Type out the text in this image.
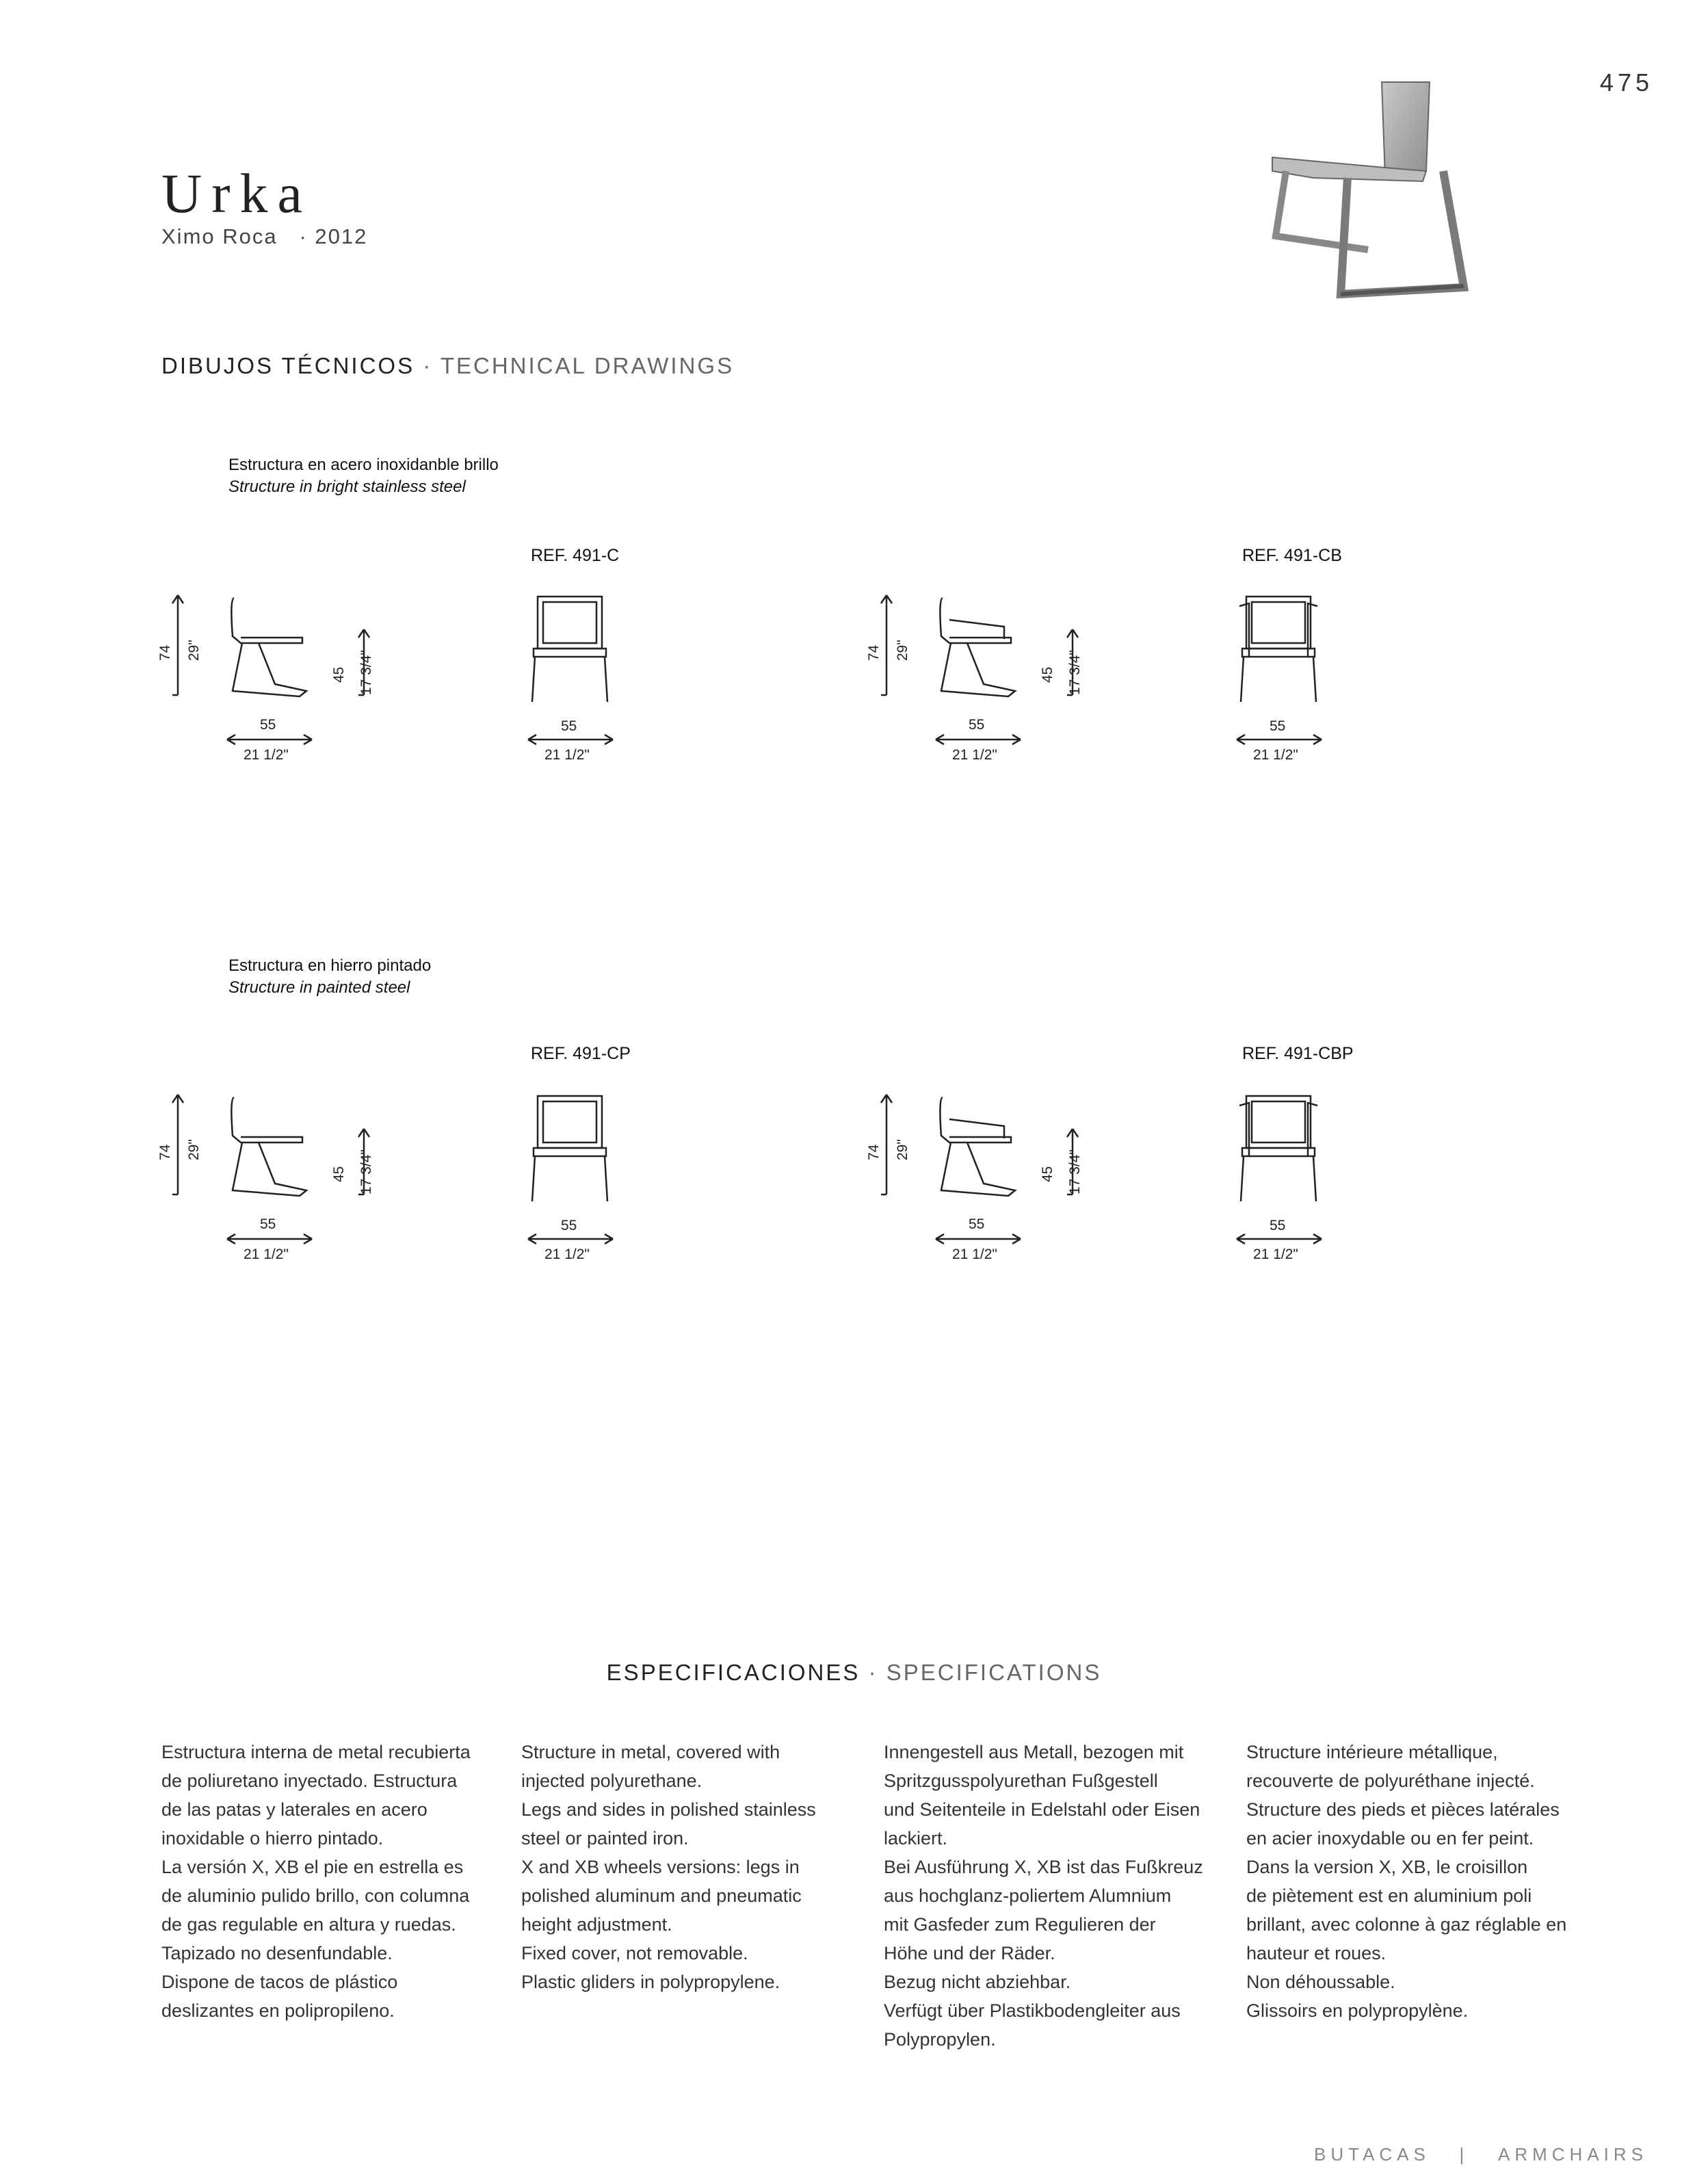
475
Urka
Ximo Roca · 2012
DIBUJOS TÉCNICOS · TECHNICAL DRAWINGS
Estructura en acero inoxidanble brillo
Structure in bright stainless steel
REF. 491-C	REF. 491-CB
Estructura en hierro pintado
Structure in painted steel
REF. 491-CP	REF. 491-CBP
74 29"
45 17 3/4"
55
21 1/2"
55
21 1/2"
74 29"
45 17 3/4"
55
21 1/2"
55
21 1/2"
74 29"
45 17 3/4"
55
21 1/2"
55
21 1/2"
74 29"
45 17 3/4"
55
21 1/2"
55
21 1/2"
ESPECIFICACIONES · SPECIFICATIONS
Estructura interna de metal recubierta
de poliuretano inyectado. Estructura
de las patas y laterales en acero
inoxidable o hierro pintado.
La versión X, XB el pie en estrella es
de aluminio pulido brillo, con columna
de gas regulable en altura y ruedas.
Tapizado no desenfundable.
Dispone de tacos de plástico
deslizantes en polipropileno.
Structure in metal, covered with
injected polyurethane.
Legs and sides in polished stainless
steel or painted iron.
X and XB wheels versions: legs in
polished aluminum and pneumatic
height adjustment.
Fixed cover, not removable.
Plastic gliders in polypropylene.
Innengestell aus Metall, bezogen mit
Spritzgusspolyurethan Fußgestell
und Seitenteile in Edelstahl oder Eisen
lackiert.
Bei Ausführung X, XB ist das Fußkreuz
aus hochglanz-poliertem Alumnium
mit Gasfeder zum Regulieren der
Höhe und der Räder.
Bezug nicht abziehbar.
Verfügt über Plastikbodengleiter aus
Polypropylen.
Structure intérieure métallique,
recouverte de polyuréthane injecté.
Structure des pieds et pièces latérales
en acier inoxydable ou en fer peint.
Dans la version X, XB, le croisillon
de piètement est en aluminium poli
brillant, avec colonne à gaz réglable en
hauteur et roues.
Non déhoussable.
Glissoirs en polypropylène.
BUTACAS | ARMCHAIRS
